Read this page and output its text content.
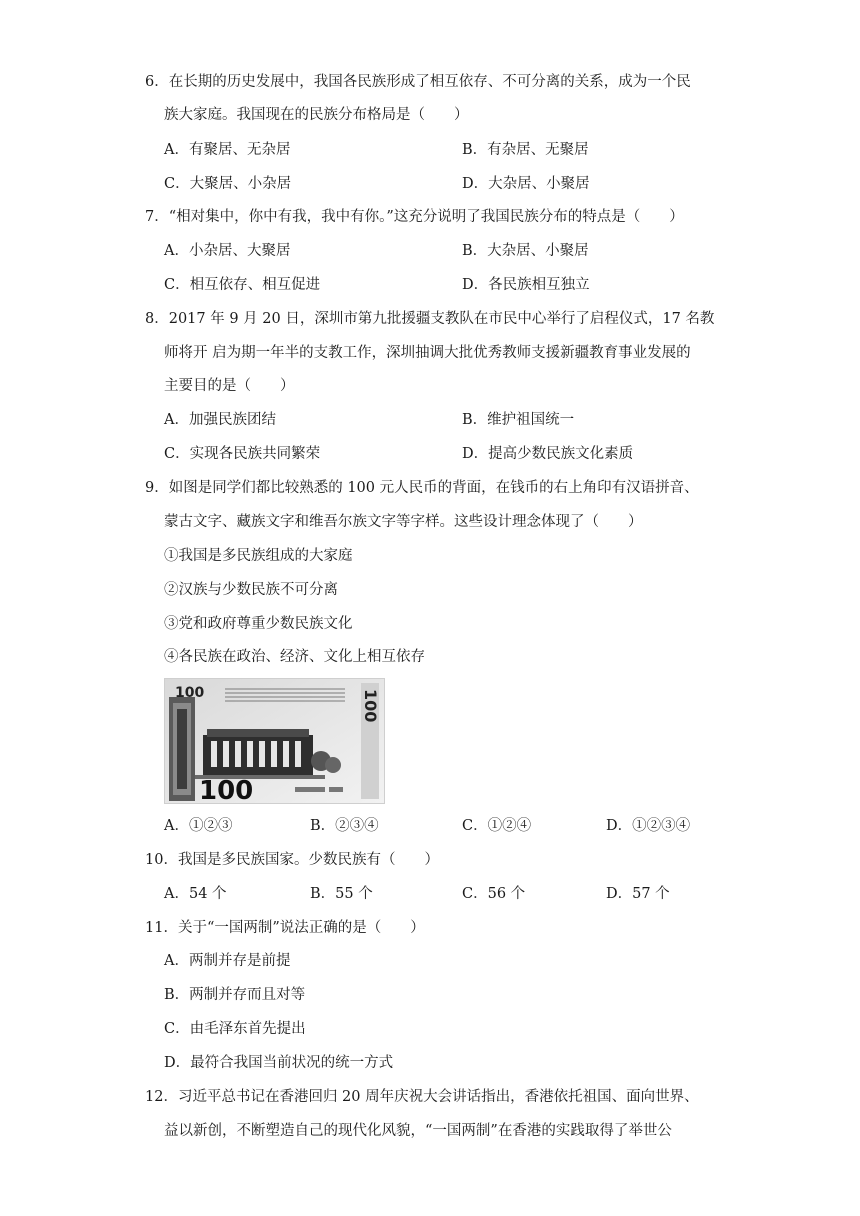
6．在长期的历史发展中，我国各民族形成了相互依存、不可分离的关系，成为一个民
族大家庭。我国现在的民族分布格局是（　　）
A．有聚居、无杂居	B．有杂居、无聚居
C．大聚居、小杂居	D．大杂居、小聚居
7．“相对集中，你中有我，我中有你。”这充分说明了我国民族分布的特点是（　　）
A．小杂居、大聚居	B．大杂居、小聚居
C．相互依存、相互促进	D．各民族相互独立
8．2017 年 9 月 20 日，深圳市第九批援疆支教队在市民中心举行了启程仪式，17 名教
师将开 启为期一年半的支教工作，深圳抽调大批优秀教师支援新疆教育事业发展的
主要目的是（　　）
A．加强民族团结	B．维护祖国统一
C．实现各民族共同繁荣	D．提高少数民族文化素质
9．如图是同学们都比较熟悉的 100 元人民币的背面，在钱币的右上角印有汉语拼音、
蒙古文字、藏族文字和维吾尔族文字等字样。这些设计理念体现了（　　）
①我国是多民族组成的大家庭
②汉族与少数民族不可分离
③党和政府尊重少数民族文化
④各民族在政治、经济、文化上相互依存
100
100
100
A．①②③	B．②③④	C．①②④	D．①②③④
10．我国是多民族国家。少数民族有（　　）
A．54 个	B．55 个	C．56 个	D．57 个
11．关于“一国两制”说法正确的是（　　）
A．两制并存是前提
B．两制并存而且对等
C．由毛泽东首先提出
D．最符合我国当前状况的统一方式
12．习近平总书记在香港回归 20 周年庆祝大会讲话指出，香港依托祖国、面向世界、
益以新创，不断塑造自己的现代化风貌，“一国两制”在香港的实践取得了举世公
